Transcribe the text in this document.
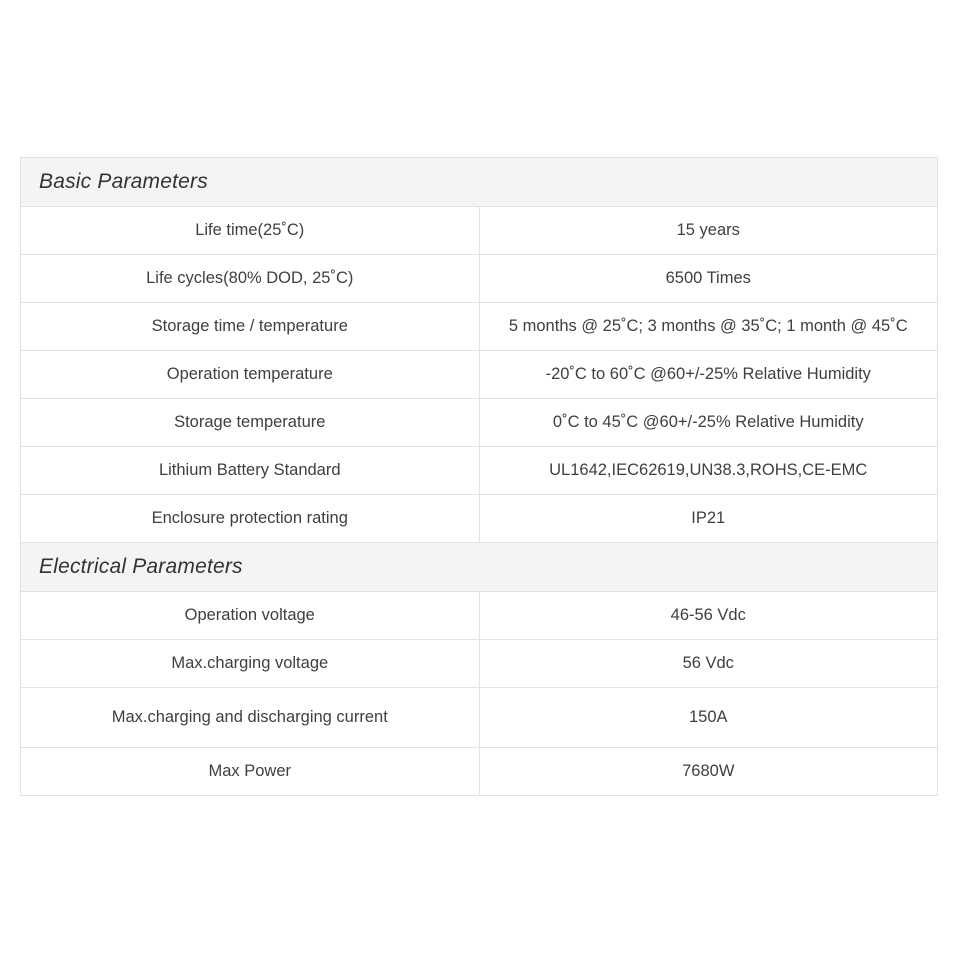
Basic Parameters	
Life time(25˚C)	15 years
Life cycles(80% DOD, 25˚C)	6500 Times
Storage time / temperature	5 months @ 25˚C; 3 months @ 35˚C; 1 month @ 45˚C
Operation temperature	-20˚C to 60˚C @60+/-25% Relative Humidity
Storage temperature	0˚C to 45˚C @60+/-25% Relative Humidity
Lithium Battery Standard	UL1642,IEC62619,UN38.3,ROHS,CE-EMC
Enclosure protection rating	IP21
Electrical Parameters	
Operation voltage	46-56 Vdc
Max.charging voltage	56 Vdc
Max.charging and discharging current	150A
Max Power	7680W
